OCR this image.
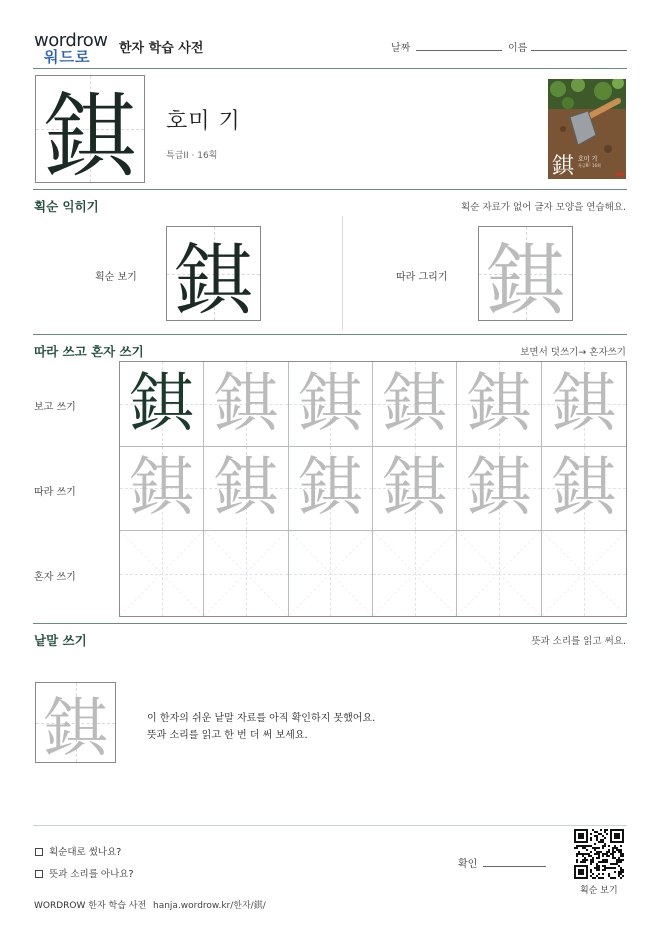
wordrow
워드로 한자 학습 사전	날짜	이름
錤	호미 기
특급II · 16획	錤 호미 기
특급II · 16획
획순 익히기	획순 자료가 없어 글자 모양을 연습해요.
획순 보기 錤	따라 그리기 錤
따라 쓰고 혼자 쓰기	보면서 덧쓰기→ 혼자쓰기
보고 쓰기
따라 쓰기
혼자 쓰기
錤 錤 錤 錤 錤 錤
錤 錤 錤 錤 錤 錤
낱말 쓰기	뜻과 소리를 읽고 써요.
錤	이 한자의 쉬운 낱말 자료를 아직 확인하지 못했어요.
뜻과 소리를 읽고 한 번 더 써 보세요.
획순대로 썼나요?
뜻과 소리를 아나요?
확인
획순 보기
WORDROW 한자 학습 사전 hanja.wordrow.kr/한자/錤/
